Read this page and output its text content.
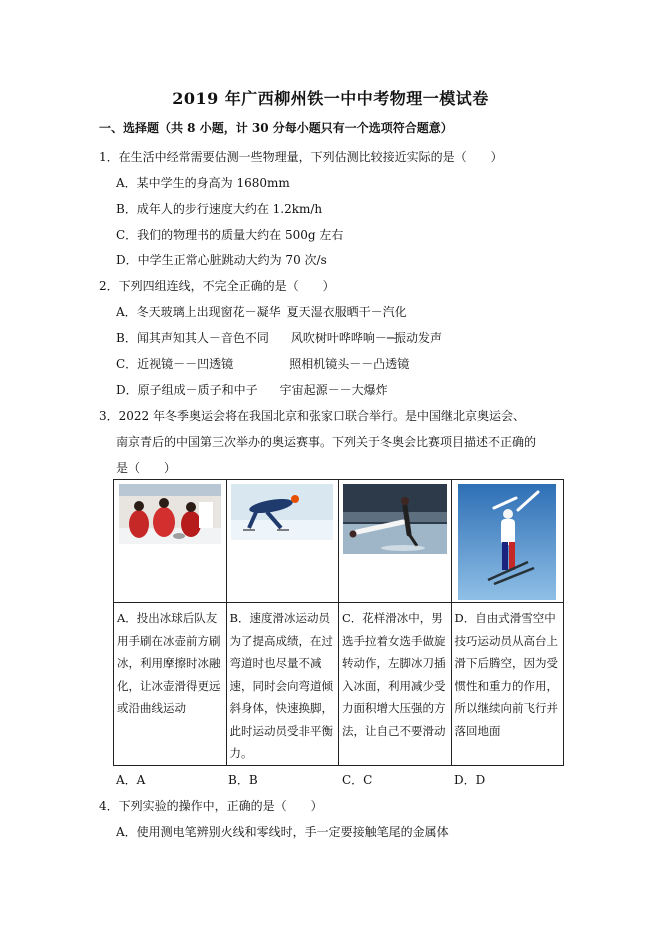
2019 年广西柳州铁一中中考物理一模试卷
一、选择题（共 8 小题，计 30 分每小题只有一个选项符合题意）
1．在生活中经常需要估测一些物理量，下列估测比较接近实际的是（　　）
A．某中学生的身高为 1680mm
B．成年人的步行速度大约在 1.2km/h
C．我们的物理书的质量大约在 500g 左右
D．中学生正常心脏跳动大约为 70 次/s
2．下列四组连线，不完全正确的是（　　）
A．冬天玻璃上出现窗花－凝华 夏天湿衣服晒干－汽化
B．闻其声知其人－音色不同 风吹树叶哗哗响－─振动发声
C．近视镜－－凹透镜	照相机镜头－－凸透镜
D．原子组成－质子和中子 宇宙起源－－大爆炸
3．2022 年冬季奥运会将在我国北京和张家口联合举行。是中国继北京奥运会、
南京青后的中国第三次举办的奥运赛事。下列关于冬奥会比赛项目描述不正确的
是（　　）

A．投出冰球后队友用手刷在冰壶前方刷冰，利用摩擦时冰融化，让冰壶滑得更远或沿曲线运动	B．速度滑冰运动员为了提高成绩，在过弯道时也尽量不减速，同时会向弯道倾斜身体，快速换脚，此时运动员受非平衡力。	C．花样滑冰中，男选手拉着女选手做旋转动作，左脚冰刀插入冰面，利用减少受力面积增大压强的方法，让自己不要滑动	D．自由式滑雪空中技巧运动员从高台上滑下后腾空，因为受惯性和重力的作用，所以继续向前飞行并落回地面
A．A	B．B	C．C	D．D
4．下列实验的操作中，正确的是（　　）
A．使用测电笔辨别火线和零线时，手一定要接触笔尾的金属体
